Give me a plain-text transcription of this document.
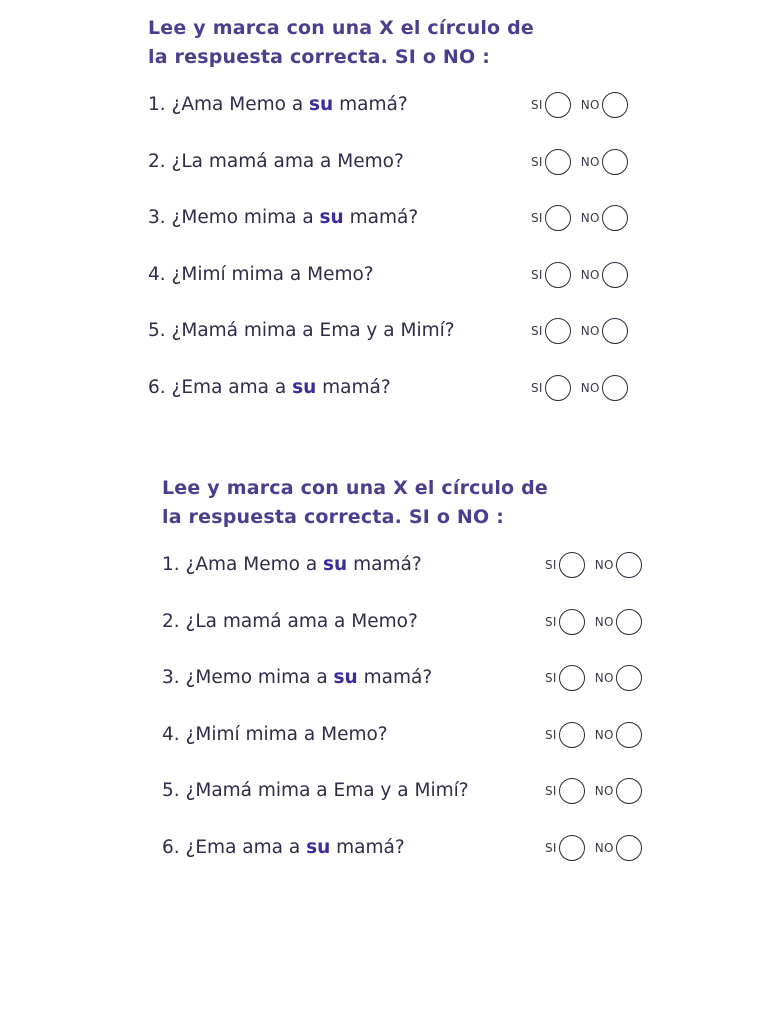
Lee y marca con una X el círculo de
la respuesta correcta. SI o NO :

1. ¿Ama Memo a su mamá?	SI	NO
2. ¿La mamá ama a Memo?	SI	NO
3. ¿Memo mima a su mamá?	SI	NO
4. ¿Mimí mima a Memo?	SI	NO
5. ¿Mamá mima a Ema y a Mimí?	SI	NO
6. ¿Ema ama a su mamá?	SI	NO

Lee y marca con una X el círculo de
la respuesta correcta. SI o NO :

1. ¿Ama Memo a su mamá?	SI	NO
2. ¿La mamá ama a Memo?	SI	NO
3. ¿Memo mima a su mamá?	SI	NO
4. ¿Mimí mima a Memo?	SI	NO
5. ¿Mamá mima a Ema y a Mimí?	SI	NO
6. ¿Ema ama a su mamá?	SI	NO
